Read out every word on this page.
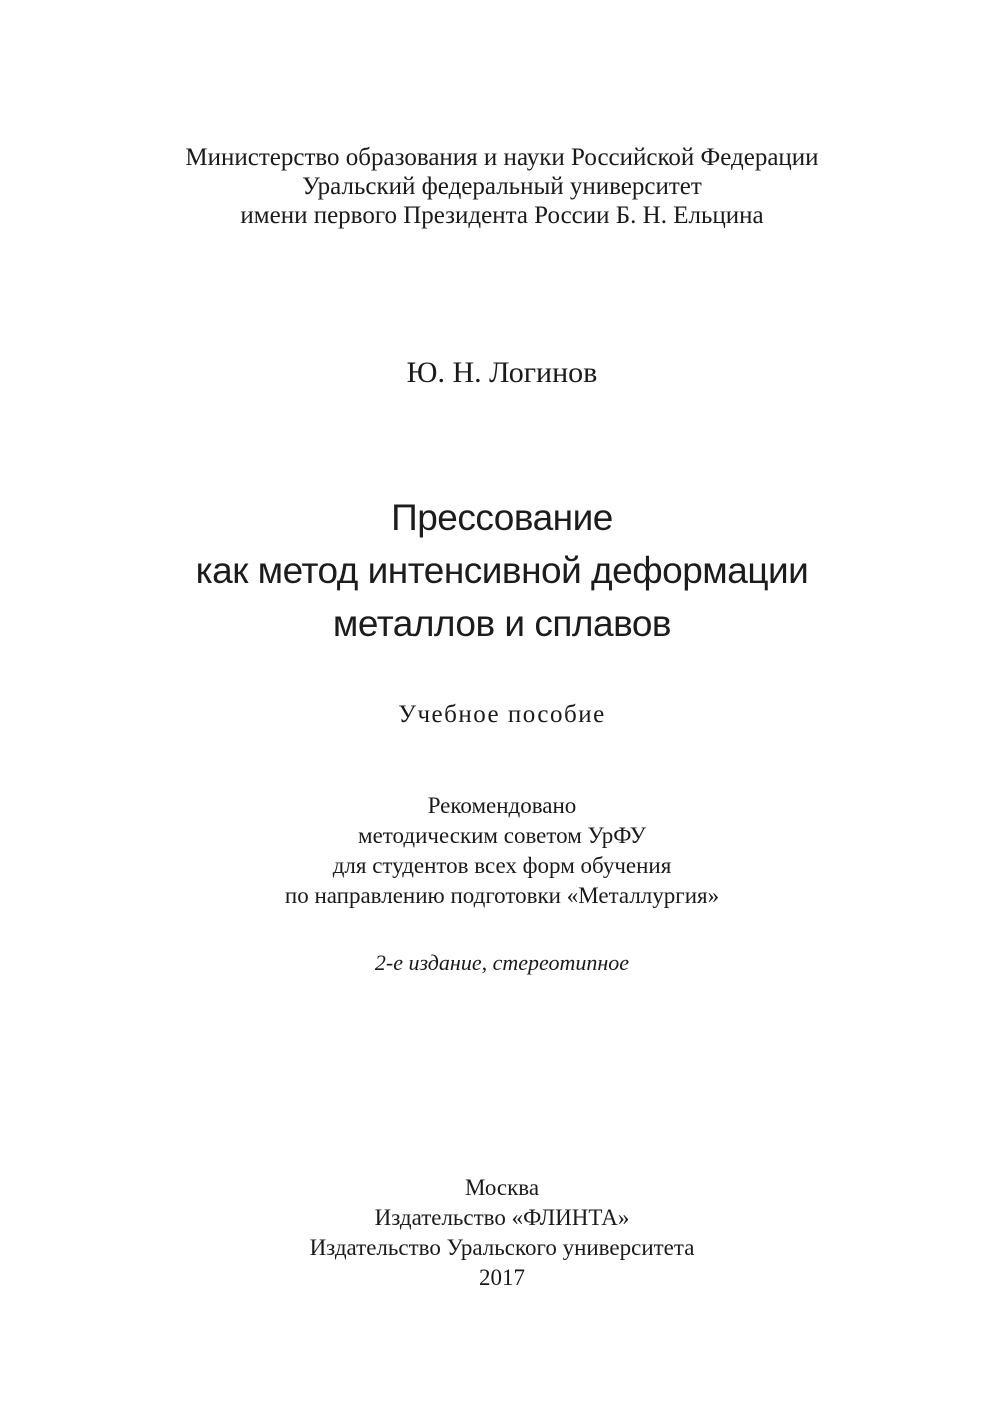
Министерство образования и науки Российской Федерации
Уральский федеральный университет
имени первого Президента России Б. Н. Ельцина
Ю. Н. Логинов
Прессование
как метод интенсивной деформации
металлов и сплавов
Учебное пособие
Рекомендовано
методическим советом УрФУ
для студентов всех форм обучения
по направлению подготовки «Металлургия»
2-е издание, стереотипное
Москва
Издательство «ФЛИНТА»
Издательство Уральского университета
2017
